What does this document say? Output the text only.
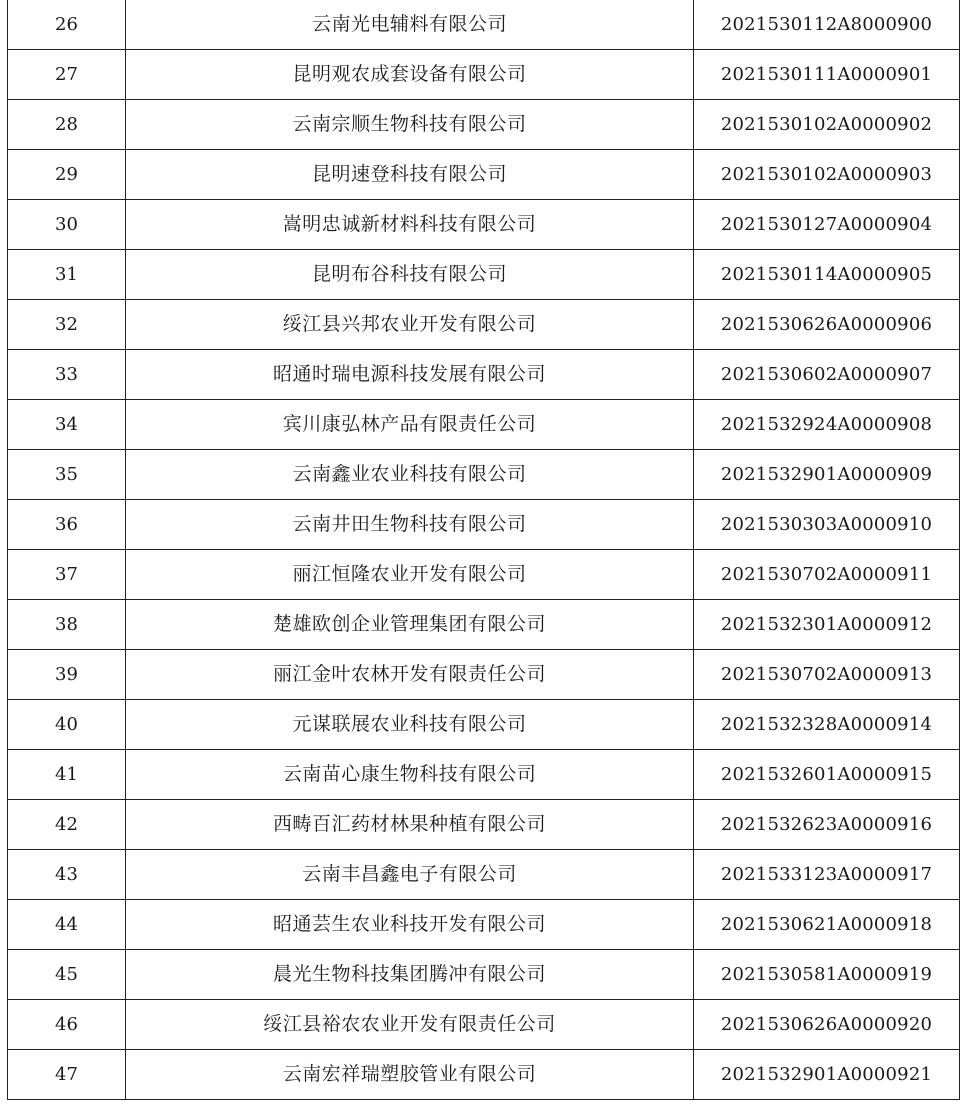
26	云南光电辅料有限公司	2021530112A8000900
27	昆明观农成套设备有限公司	2021530111A0000901
28	云南宗顺生物科技有限公司	2021530102A0000902
29	昆明速登科技有限公司	2021530102A0000903
30	嵩明忠诚新材料科技有限公司	2021530127A0000904
31	昆明布谷科技有限公司	2021530114A0000905
32	绥江县兴邦农业开发有限公司	2021530626A0000906
33	昭通时瑞电源科技发展有限公司	2021530602A0000907
34	宾川康弘林产品有限责任公司	2021532924A0000908
35	云南鑫业农业科技有限公司	2021532901A0000909
36	云南井田生物科技有限公司	2021530303A0000910
37	丽江恒隆农业开发有限公司	2021530702A0000911
38	楚雄欧创企业管理集团有限公司	2021532301A0000912
39	丽江金叶农林开发有限责任公司	2021530702A0000913
40	元谋联展农业科技有限公司	2021532328A0000914
41	云南苗心康生物科技有限公司	2021532601A0000915
42	西畴百汇药材林果种植有限公司	2021532623A0000916
43	云南丰昌鑫电子有限公司	2021533123A0000917
44	昭通芸生农业科技开发有限公司	2021530621A0000918
45	晨光生物科技集团腾冲有限公司	2021530581A0000919
46	绥江县裕农农业开发有限责任公司	2021530626A0000920
47	云南宏祥瑞塑胶管业有限公司	2021532901A0000921
